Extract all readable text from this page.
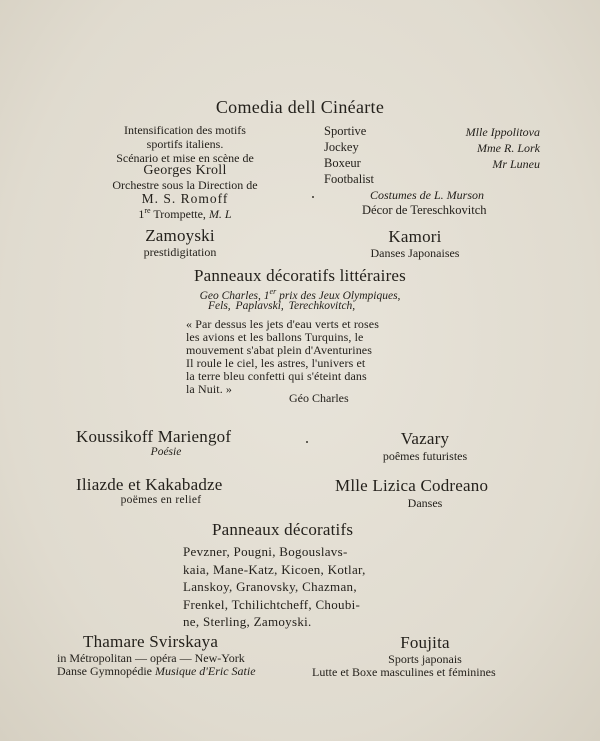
Comedia dell Cinéarte
Intensification des motifs
sportifs italiens.
Scénario et mise en scène de
Georges Kroll
Orchestre sous la Direction de
M. S. Romoff
1re Trompette, M. L
Sportive
Jockey
Boxeur
Footbalist
Mlle Ippolitova
Mme R. Lork
Mr Luneu
Costumes de L. Murson
Décor de Tereschkovitch
Zamoyski
prestidigitation
Kamori
Danses Japonaises
Panneaux décoratifs littéraires
Geo Charles, 1er prix des Jeux Olympiques,
Fels, Paplavski, Terechkovitch,
« Par dessus les jets d'eau verts et roses
les avions et les ballons Turquins, le
mouvement s'abat plein d'Aventurines
Il roule le ciel, les astres, l'univers et
la terre bleu confetti qui s'éteint dans
la Nuit. »
Géo Charles
Koussikoff Mariengof
Poésie
Vazary
poêmes futuristes
Iliazde et Kakabadze
poëmes en relief
Mlle Lizica Codreano
Danses
Panneaux décoratifs
Pevzner, Pougni, Bogouslavs-
kaia, Mane-Katz, Kicoen, Kotlar,
Lanskoy, Granovsky, Chazman,
Frenkel, Tchilichtcheff, Choubi-
ne, Sterling, Zamoyski.
Thamare Svirskaya
in Métropolitan — opéra — New-York
Danse Gymnopédie Musique d'Eric Satie
Foujita
Sports japonais
Lutte et Boxe masculines et féminines
